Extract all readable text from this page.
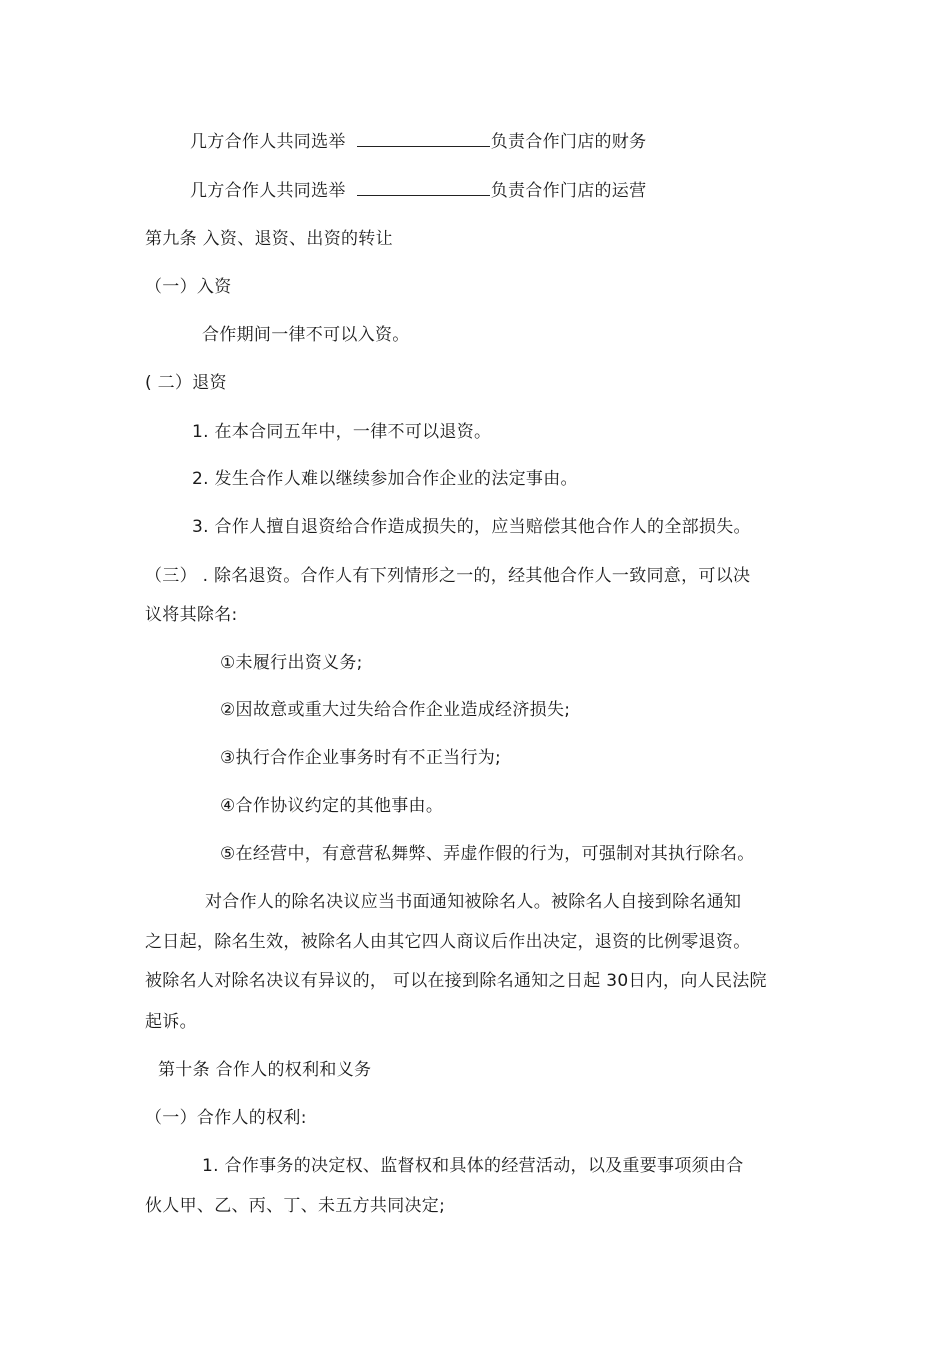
几方合作人共同选举	负责合作门店的财务
几方合作人共同选举	负责合作门店的运营
第九条 入资、退资、出资的转让
（一）入资
合作期间一律不可以入资。
( 二）退资
1. 在本合同五年中，一律不可以退资。
2. 发生合作人难以继续参加合作企业的法定事由。
3. 合作人擅自退资给合作造成损失的，应当赔偿其他合作人的全部损失。
（三） . 除名退资。合作人有下列情形之一的，经其他合作人一致同意，可以决
议将其除名:
①未履行出资义务;
②因故意或重大过失给合作企业造成经济损失;
③执行合作企业事务时有不正当行为;
④合作协议约定的其他事由。
⑤在经营中，有意营私舞弊、弄虚作假的行为，可强制对其执行除名。
对合作人的除名决议应当书面通知被除名人。被除名人自接到除名通知
之日起，除名生效，被除名人由其它四人商议后作出决定，退资的比例零退资。
被除名人对除名决议有异议的， 可以在接到除名通知之日起 30日内，向人民法院
起诉。
第十条 合作人的权利和义务
（一）合作人的权利:
1. 合作事务的决定权、监督权和具体的经营活动，以及重要事项须由合
伙人甲、乙、丙、丁、未五方共同决定;
